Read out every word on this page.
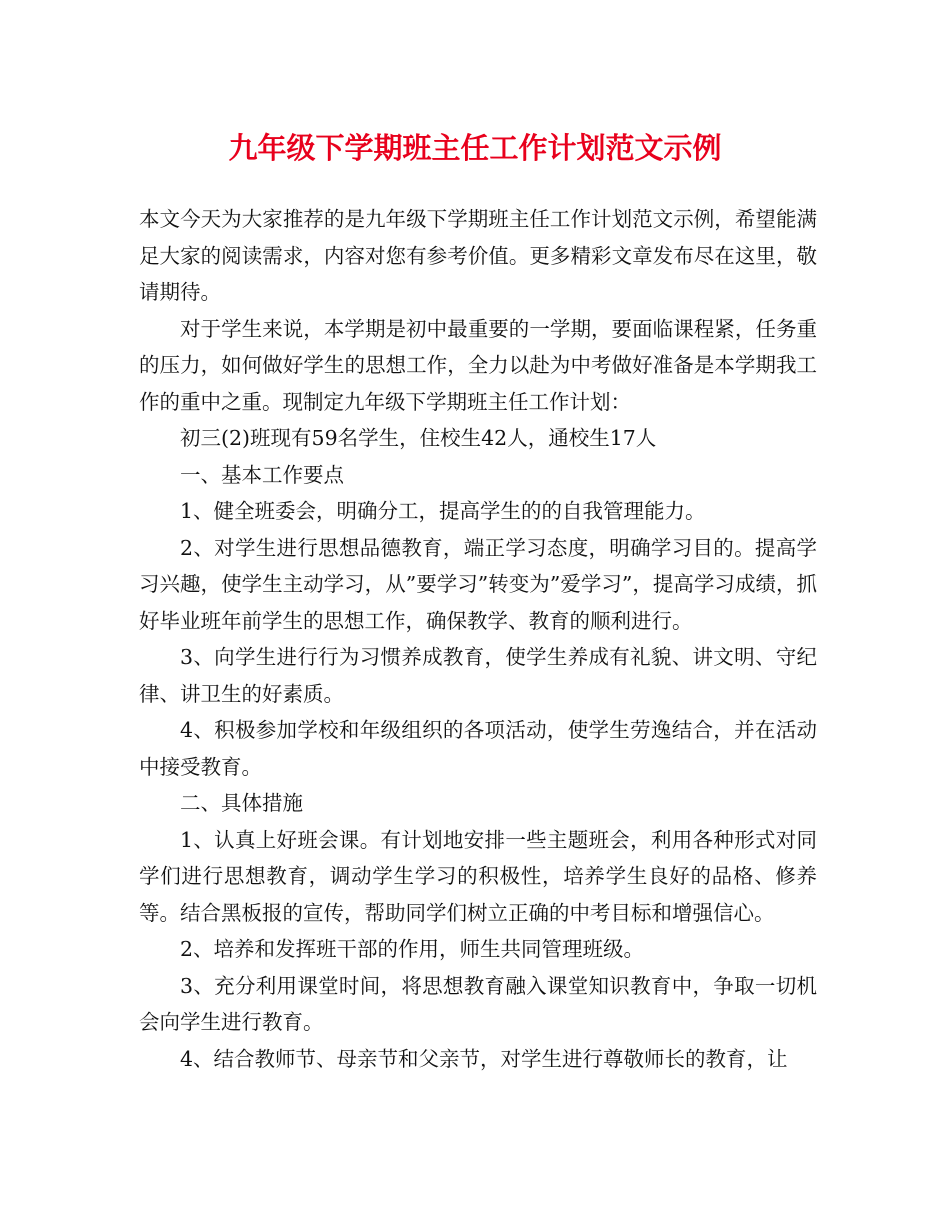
九年级下学期班主任工作计划范文示例

本文今天为大家推荐的是九年级下学期班主任工作计划范文示例，希望能满足大家的阅读需求，内容对您有参考价值。更多精彩文章发布尽在这里，敬请期待。

对于学生来说，本学期是初中最重要的一学期，要面临课程紧，任务重的压力，如何做好学生的思想工作，全力以赴为中考做好准备是本学期我工作的重中之重。现制定九年级下学期班主任工作计划：

初三(2)班现有59名学生，住校生42人，通校生17人

一、基本工作要点

1、健全班委会，明确分工，提高学生的的自我管理能力。

2、对学生进行思想品德教育，端正学习态度，明确学习目的。提高学习兴趣，使学生主动学习，从”要学习”转变为”爱学习”，提高学习成绩，抓好毕业班年前学生的思想工作，确保教学、教育的顺利进行。

3、向学生进行行为习惯养成教育，使学生养成有礼貌、讲文明、守纪律、讲卫生的好素质。

4、积极参加学校和年级组织的各项活动，使学生劳逸结合，并在活动中接受教育。

二、具体措施

1、认真上好班会课。有计划地安排一些主题班会，利用各种形式对同学们进行思想教育，调动学生学习的积极性，培养学生良好的品格、修养等。结合黑板报的宣传，帮助同学们树立正确的中考目标和增强信心。

2、培养和发挥班干部的作用，师生共同管理班级。

3、充分利用课堂时间，将思想教育融入课堂知识教育中，争取一切机会向学生进行教育。

4、结合教师节、母亲节和父亲节，对学生进行尊敬师长的教育，让
